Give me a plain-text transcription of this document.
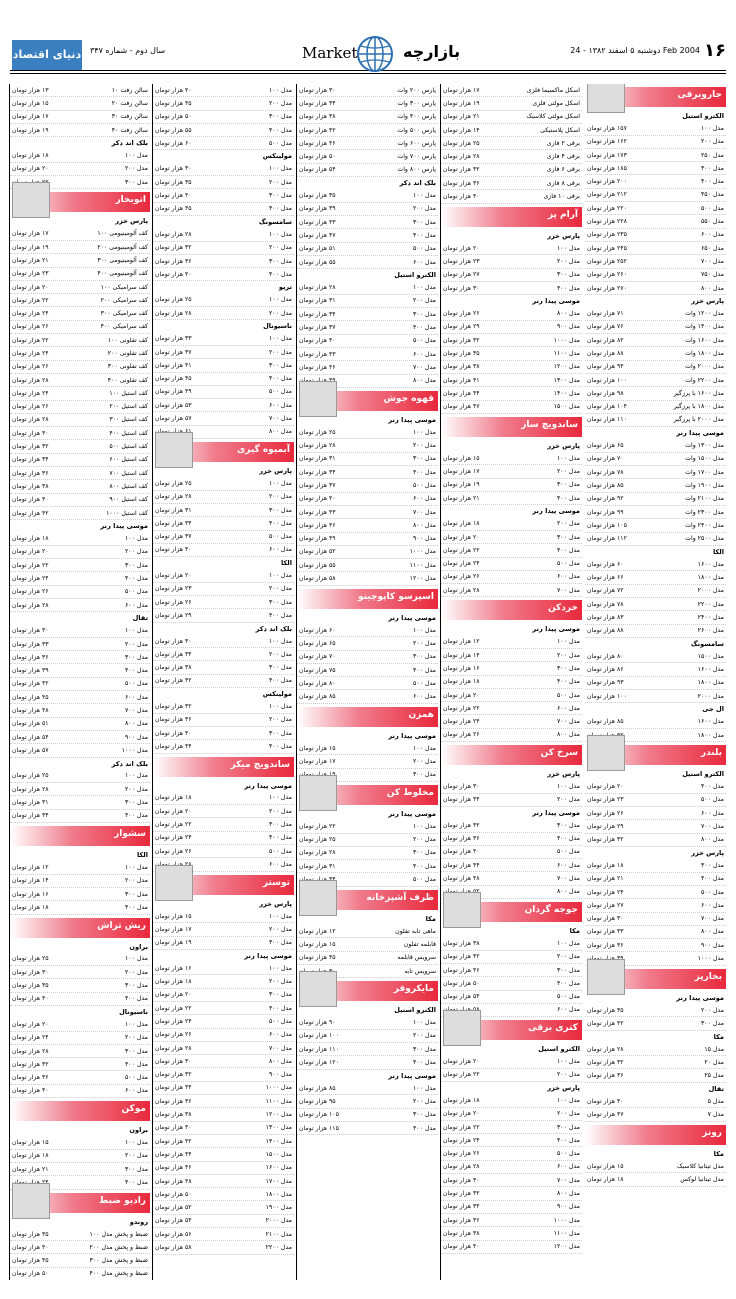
۱۶
دوشنبه ۵ اسفند ۱۳۸۲ - 24 Feb 2004
بازارچه
Market
سال دوم - شماره ۳۴۷
دنیای اقتصاد
جاروبرقی
الکترو استیل
مدل ۱۰۰
۱۵۷ هزار تومان
مدل ۲۰۰
۱۶۲ هزار تومان
مدل ۲۵۰
۱۷۳ هزار تومان
مدل ۳۰۰
۱۸۵ هزار تومان
مدل ۴۰۰
۲۰۰ هزار تومان
مدل ۴۵۰
۲۱۲ هزار تومان
مدل ۵۰۰
۲۲۰ هزار تومان
مدل ۵۵۰
۲۲۸ هزار تومان
مدل ۶۰۰
۲۳۵ هزار تومان
مدل ۶۵۰
۲۴۵ هزار تومان
مدل ۷۰۰
۲۵۲ هزار تومان
مدل ۷۵۰
۲۶۰ هزار تومان
مدل ۸۰۰
۲۷۰ هزار تومان
پارس خزر
مدل ۱۲۰۰ وات
۷۱ هزار تومان
مدل ۱۴۰۰ وات
۷۶ هزار تومان
مدل ۱۶۰۰ وات
۸۲ هزار تومان
مدل ۱۸۰۰ وات
۸۸ هزار تومان
مدل ۲۰۰۰ وات
۹۴ هزار تومان
مدل ۲۲۰۰ وات
۱۰۰ هزار تومان
مدل ۱۶۰۰ با پرزگیر
۹۸ هزار تومان
مدل ۱۸۰۰ با پرزگیر
۱۰۴ هزار تومان
مدل ۲۰۰۰ با پرزگیر
۱۱۰ هزار تومان
موسی پیدا رنر
مدل ۱۳۰۰ وات
۶۵ هزار تومان
مدل ۱۵۰۰ وات
۷۰ هزار تومان
مدل ۱۷۰۰ وات
۷۸ هزار تومان
مدل ۱۹۰۰ وات
۸۵ هزار تومان
مدل ۲۱۰۰ وات
۹۲ هزار تومان
مدل ۲۳۰۰ وات
۹۹ هزار تومان
مدل ۲۴۰۰ وات
۱۰۵ هزار تومان
مدل ۲۵۰۰ وات
۱۱۲ هزار تومان
الکا
مدل ۱۶۰۰
۶۰ هزار تومان
مدل ۱۸۰۰
۶۶ هزار تومان
مدل ۲۰۰۰
۷۲ هزار تومان
مدل ۲۲۰۰
۷۸ هزار تومان
مدل ۲۴۰۰
۸۳ هزار تومان
مدل ۲۶۰۰
۸۸ هزار تومان
سامسونگ
مدل ۱۵۰۰
۸۰ هزار تومان
مدل ۱۶۰۰
۸۶ هزار تومان
مدل ۱۸۰۰
۹۳ هزار تومان
مدل ۲۰۰۰
۱۰۰ هزار تومان
ال جی
مدل ۱۶۰۰
۸۵ هزار تومان
مدل ۱۸۰۰
بلندر
الکترو استیل
مدل ۴۰۰
۲۰ هزار تومان
مدل ۵۰۰
۲۳ هزار تومان
مدل ۶۰۰
۲۶ هزار تومان
مدل ۷۰۰
۲۹ هزار تومان
مدل ۸۰۰
۳۲ هزار تومان
پارس خزر
مدل ۳۰۰
۱۸ هزار تومان
مدل ۴۰۰
۲۱ هزار تومان
مدل ۵۰۰
۲۴ هزار تومان
مدل ۶۰۰
۲۷ هزار تومان
مدل ۷۰۰
۳۰ هزار تومان
مدل ۸۰۰
۳۳ هزار تومان
مدل ۹۰۰
۳۶ هزار تومان
مدل ۱۰۰۰
بخارپز
موسی پیدا رنر
مدل ۲۰۰
۳۵ هزار تومان
مدل ۳۰۰
۴۲ هزار تومان
مکا
مدل ۱۵
۲۸ هزار تومان
مدل ۲۰
۳۲ هزار تومان
مدل ۲۵
۳۶ هزار تومان
تفال
مدل ۵
۴۰ هزار تومان
مدل ۷
۴۷ هزار تومان
رونز
مکا
مدل تیتانیا کلاسیک
۱۵ هزار تومان
مدل تیتانیا لوکس
۱۸ هزار تومان
اسکل ماکسیما فلزی
۱۷ هزار تومان
اسکل مولتی فلزی
۱۹ هزار تومان
اسکل مولتی کلاسیک
۲۱ هزار تومان
اسکل پلاستیکی
۱۴ هزار تومان
برقی ۲ فازی
۲۵ هزار تومان
برقی ۴ فازی
۲۸ هزار تومان
برقی ۶ فازی
۳۲ هزار تومان
برقی ۸ فازی
۳۶ هزار تومان
برقی ۱۰ فازی
۴۰ هزار تومان
آرام پز
پارس خزر
مدل ۱۰۰
۲۰ هزار تومان
مدل ۲۰۰
۲۳ هزار تومان
مدل ۳۰۰
۲۷ هزار تومان
مدل ۴۰۰
۳۰ هزار تومان
موسی پیدا رنر
مدل ۸۰۰
۲۶ هزار تومان
مدل ۹۰۰
۲۹ هزار تومان
مدل ۱۰۰۰
۳۲ هزار تومان
مدل ۱۱۰۰
۳۵ هزار تومان
مدل ۱۲۰۰
۳۸ هزار تومان
مدل ۱۳۰۰
۴۱ هزار تومان
مدل ۱۴۰۰
۴۴ هزار تومان
مدل ۱۵۰۰
۴۷ هزار تومان
ساندویچ ساز
پارس خزر
مدل ۱۰۰
۱۵ هزار تومان
مدل ۲۰۰
۱۷ هزار تومان
مدل ۳۰۰
۱۹ هزار تومان
مدل ۴۰۰
۲۱ هزار تومان
موسی پیدا رنر
مدل ۲۰۰
۱۸ هزار تومان
مدل ۳۰۰
۲۰ هزار تومان
مدل ۴۰۰
۲۲ هزار تومان
مدل ۵۰۰
۲۴ هزار تومان
مدل ۶۰۰
۲۶ هزار تومان
مدل ۷۰۰
۲۸ هزار تومان
خردکن
موسی پیدا رنر
مدل ۱۰۰
۱۲ هزار تومان
مدل ۲۰۰
۱۴ هزار تومان
مدل ۳۰۰
۱۶ هزار تومان
مدل ۴۰۰
۱۸ هزار تومان
مدل ۵۰۰
۲۰ هزار تومان
مدل ۶۰۰
۲۲ هزار تومان
مدل ۷۰۰
۲۴ هزار تومان
مدل ۸۰۰
۲۶ هزار تومان
سرخ کن
پارس خزر
مدل ۱۰۰
۳۰ هزار تومان
مدل ۲۰۰
۳۴ هزار تومان
موسی پیدا رنر
مدل ۳۰۰
۳۲ هزار تومان
مدل ۴۰۰
۳۶ هزار تومان
مدل ۵۰۰
۴۰ هزار تومان
مدل ۶۰۰
۴۴ هزار تومان
مدل ۷۰۰
۴۸ هزار تومان
مدل ۸۰۰
جوجه گردان
مکا
مدل ۱۰۰
۳۸ هزار تومان
مدل ۲۰۰
۴۲ هزار تومان
مدل ۳۰۰
۴۶ هزار تومان
مدل ۴۰۰
۵۰ هزار تومان
مدل ۵۰۰
۵۴ هزار تومان
مدل ۶۰۰
کتری برقی
الکترو استیل
مدل ۱۰۰
۲۰ هزار تومان
مدل ۲۰۰
۲۲ هزار تومان
پارس خزر
مدل ۱۰۰
۱۸ هزار تومان
مدل ۲۰۰
۲۰ هزار تومان
مدل ۳۰۰
۲۲ هزار تومان
مدل ۴۰۰
۲۴ هزار تومان
مدل ۵۰۰
۲۶ هزار تومان
مدل ۶۰۰
۲۸ هزار تومان
مدل ۷۰۰
۳۰ هزار تومان
مدل ۸۰۰
۳۲ هزار تومان
مدل ۹۰۰
۳۴ هزار تومان
مدل ۱۰۰۰
۳۶ هزار تومان
مدل ۱۱۰۰
۳۸ هزار تومان
مدل ۱۲۰۰
۴۰ هزار تومان
پارس ۲۰۰ وات
۳۰ هزار تومان
پارس ۳۰۰ وات
۳۴ هزار تومان
پارس ۴۰۰ وات
۳۸ هزار تومان
پارس ۵۰۰ وات
۴۲ هزار تومان
پارس ۶۰۰ وات
۴۶ هزار تومان
پارس ۷۰۰ وات
۵۰ هزار تومان
پارس ۸۰۰ وات
۵۴ هزار تومان
بلک اند دکر
مدل ۱۰۰
۳۵ هزار تومان
مدل ۲۰۰
۳۹ هزار تومان
مدل ۳۰۰
۴۳ هزار تومان
مدل ۴۰۰
۴۷ هزار تومان
مدل ۵۰۰
۵۱ هزار تومان
مدل ۶۰۰
۵۵ هزار تومان
الکترو استیل
مدل ۱۰۰
۲۸ هزار تومان
مدل ۲۰۰
۳۱ هزار تومان
مدل ۳۰۰
۳۴ هزار تومان
مدل ۴۰۰
۳۷ هزار تومان
مدل ۵۰۰
۴۰ هزار تومان
مدل ۶۰۰
۴۳ هزار تومان
مدل ۷۰۰
۴۶ هزار تومان
مدل ۸۰۰
قهوه جوش
موسی پیدا رنر
مدل ۱۰۰
۲۵ هزار تومان
مدل ۲۰۰
۲۸ هزار تومان
مدل ۳۰۰
۳۱ هزار تومان
مدل ۴۰۰
۳۴ هزار تومان
مدل ۵۰۰
۳۷ هزار تومان
مدل ۶۰۰
۴۰ هزار تومان
مدل ۷۰۰
۴۳ هزار تومان
مدل ۸۰۰
۴۶ هزار تومان
مدل ۹۰۰
۴۹ هزار تومان
مدل ۱۰۰۰
۵۲ هزار تومان
مدل ۱۱۰۰
۵۵ هزار تومان
مدل ۱۲۰۰
۵۸ هزار تومان
اسپرسو کاپوچینو
موسی پیدا رنر
مدل ۱۰۰
۶۰ هزار تومان
مدل ۲۰۰
۶۵ هزار تومان
مدل ۳۰۰
۷۰ هزار تومان
مدل ۴۰۰
۷۵ هزار تومان
مدل ۵۰۰
۸۰ هزار تومان
مدل ۶۰۰
۸۵ هزار تومان
همزن
موسی پیدا رنر
مدل ۱۰۰
۱۵ هزار تومان
مدل ۲۰۰
۱۷ هزار تومان
مدل ۳۰۰
مخلوط کن
موسی پیدا رنر
مدل ۱۰۰
۲۲ هزار تومان
مدل ۲۰۰
۲۵ هزار تومان
مدل ۳۰۰
۲۸ هزار تومان
مدل ۴۰۰
۳۱ هزار تومان
مدل ۵۰۰
ظرف آشپزخانه
مکا
ماهی تابه تفلون
۱۲ هزار تومان
قابلمه تفلون
۱۵ هزار تومان
سرویس قابلمه
۴۵ هزار تومان
سرویس تابه
مایکروفر
الکترو استیل
مدل ۱۰۰
۹۰ هزار تومان
مدل ۲۰۰
۱۰۰ هزار تومان
مدل ۳۰۰
۱۱۰ هزار تومان
مدل ۴۰۰
۱۲۰ هزار تومان
موسی پیدا رنر
مدل ۱۰۰
۸۵ هزار تومان
مدل ۲۰۰
۹۵ هزار تومان
مدل ۳۰۰
۱۰۵ هزار تومان
مدل ۴۰۰
۱۱۵ هزار تومان
مدل ۱۰۰
۴۰ هزار تومان
مدل ۲۰۰
۴۵ هزار تومان
مدل ۳۰۰
۵۰ هزار تومان
مدل ۴۰۰
۵۵ هزار تومان
مدل ۵۰۰
۶۰ هزار تومان
مولینکس
مدل ۱۰۰
۳۰ هزار تومان
مدل ۲۰۰
۳۵ هزار تومان
مدل ۳۰۰
۴۰ هزار تومان
مدل ۴۰۰
۴۵ هزار تومان
سامسونگ
مدل ۱۰۰
۲۸ هزار تومان
مدل ۲۰۰
۳۲ هزار تومان
مدل ۳۰۰
۳۶ هزار تومان
مدل ۴۰۰
۴۰ هزار تومان
تریو
مدل ۱۰۰
۲۵ هزار تومان
مدل ۲۰۰
۲۸ هزار تومان
ناسیونال
مدل ۱۰۰
۳۳ هزار تومان
مدل ۲۰۰
۳۷ هزار تومان
مدل ۳۰۰
۴۱ هزار تومان
مدل ۴۰۰
۴۵ هزار تومان
مدل ۵۰۰
۴۹ هزار تومان
مدل ۶۰۰
۵۳ هزار تومان
مدل ۷۰۰
۵۷ هزار تومان
مدل ۸۰۰
آبمیوه گیری
پارس خزر
مدل ۱۰۰
۲۵ هزار تومان
مدل ۲۰۰
۲۸ هزار تومان
مدل ۳۰۰
۳۱ هزار تومان
مدل ۴۰۰
۳۴ هزار تومان
مدل ۵۰۰
۳۷ هزار تومان
مدل ۶۰۰
۴۰ هزار تومان
الکا
مدل ۱۰۰
۲۰ هزار تومان
مدل ۲۰۰
۲۳ هزار تومان
مدل ۳۰۰
۲۶ هزار تومان
مدل ۴۰۰
۲۹ هزار تومان
بلک اند دکر
مدل ۱۰۰
۳۰ هزار تومان
مدل ۲۰۰
۳۴ هزار تومان
مدل ۳۰۰
۳۸ هزار تومان
مدل ۴۰۰
۴۲ هزار تومان
مولینکس
مدل ۱۰۰
۳۲ هزار تومان
مدل ۲۰۰
۳۶ هزار تومان
مدل ۳۰۰
۴۰ هزار تومان
مدل ۴۰۰
۴۴ هزار تومان
ساندویچ میکر
موسی پیدا رنر
مدل ۱۰۰
۱۸ هزار تومان
مدل ۲۰۰
۲۰ هزار تومان
مدل ۳۰۰
۲۲ هزار تومان
مدل ۴۰۰
۲۴ هزار تومان
مدل ۵۰۰
۲۶ هزار تومان
مدل ۶۰۰
توستر
پارس خزر
مدل ۱۰۰
۱۵ هزار تومان
مدل ۲۰۰
۱۷ هزار تومان
مدل ۳۰۰
۱۹ هزار تومان
موسی پیدا رنر
مدل ۱۰۰
۱۶ هزار تومان
مدل ۲۰۰
۱۸ هزار تومان
مدل ۳۰۰
۲۰ هزار تومان
مدل ۴۰۰
۲۲ هزار تومان
مدل ۵۰۰
۲۴ هزار تومان
مدل ۶۰۰
۲۶ هزار تومان
مدل ۷۰۰
۲۸ هزار تومان
مدل ۸۰۰
۳۰ هزار تومان
مدل ۹۰۰
۳۲ هزار تومان
مدل ۱۰۰۰
۳۴ هزار تومان
مدل ۱۱۰۰
۳۶ هزار تومان
مدل ۱۲۰۰
۳۸ هزار تومان
مدل ۱۳۰۰
۴۰ هزار تومان
مدل ۱۴۰۰
۴۲ هزار تومان
مدل ۱۵۰۰
۴۴ هزار تومان
مدل ۱۶۰۰
۴۶ هزار تومان
مدل ۱۷۰۰
۴۸ هزار تومان
مدل ۱۸۰۰
۵۰ هزار تومان
مدل ۱۹۰۰
۵۲ هزار تومان
مدل ۲۰۰۰
۵۴ هزار تومان
مدل ۲۱۰۰
۵۶ هزار تومان
مدل ۲۲۰۰
۵۸ هزار تومان
سالن رفت ۱۰
۱۳ هزار تومان
سالن رفت ۲۰
۱۵ هزار تومان
سالن رفت ۳۰
۱۷ هزار تومان
سالن رفت ۴۰
۱۹ هزار تومان
بلک اند دکر
مدل ۱۰۰
۱۸ هزار تومان
مدل ۲۰۰
۲۰ هزار تومان
مدل ۳۰۰
اتوبخار
پارس خزر
کف آلومینیومی ۱۰۰
۱۷ هزار تومان
کف آلومینیومی ۲۰۰
۱۹ هزار تومان
کف آلومینیومی ۳۰۰
۲۱ هزار تومان
کف آلومینیومی ۴۰۰
۲۳ هزار تومان
کف سرامیکی ۱۰۰
۲۰ هزار تومان
کف سرامیکی ۲۰۰
۲۲ هزار تومان
کف سرامیکی ۳۰۰
۲۴ هزار تومان
کف سرامیکی ۴۰۰
۲۶ هزار تومان
کف تفلونی ۱۰۰
۲۲ هزار تومان
کف تفلونی ۲۰۰
۲۴ هزار تومان
کف تفلونی ۳۰۰
۲۶ هزار تومان
کف تفلونی ۴۰۰
۲۸ هزار تومان
کف استیل ۱۰۰
۲۴ هزار تومان
کف استیل ۲۰۰
۲۶ هزار تومان
کف استیل ۳۰۰
۲۸ هزار تومان
کف استیل ۴۰۰
۳۰ هزار تومان
کف استیل ۵۰۰
۳۲ هزار تومان
کف استیل ۶۰۰
۳۴ هزار تومان
کف استیل ۷۰۰
۳۶ هزار تومان
کف استیل ۸۰۰
۳۸ هزار تومان
کف استیل ۹۰۰
۴۰ هزار تومان
کف استیل ۱۰۰۰
۴۲ هزار تومان
موسی پیدا رنر
مدل ۱۰۰
۱۸ هزار تومان
مدل ۲۰۰
۲۰ هزار تومان
مدل ۳۰۰
۲۲ هزار تومان
مدل ۴۰۰
۲۴ هزار تومان
مدل ۵۰۰
۲۶ هزار تومان
مدل ۶۰۰
۲۸ هزار تومان
تفال
مدل ۱۰۰
۳۰ هزار تومان
مدل ۲۰۰
۳۳ هزار تومان
مدل ۳۰۰
۳۶ هزار تومان
مدل ۴۰۰
۳۹ هزار تومان
مدل ۵۰۰
۴۲ هزار تومان
مدل ۶۰۰
۴۵ هزار تومان
مدل ۷۰۰
۴۸ هزار تومان
مدل ۸۰۰
۵۱ هزار تومان
مدل ۹۰۰
۵۴ هزار تومان
مدل ۱۰۰۰
۵۷ هزار تومان
بلک اند دکر
مدل ۱۰۰
۲۵ هزار تومان
مدل ۲۰۰
۲۸ هزار تومان
مدل ۳۰۰
۳۱ هزار تومان
مدل ۴۰۰
۳۴ هزار تومان
سشوار
الکا
مدل ۱۰۰
۱۲ هزار تومان
مدل ۲۰۰
۱۴ هزار تومان
مدل ۳۰۰
۱۶ هزار تومان
مدل ۴۰۰
۱۸ هزار تومان
ریش تراش
براون
مدل ۱۰۰
۲۵ هزار تومان
مدل ۲۰۰
۳۰ هزار تومان
مدل ۳۰۰
۳۵ هزار تومان
مدل ۴۰۰
۴۰ هزار تومان
ناسیونال
مدل ۱۰۰
۲۰ هزار تومان
مدل ۲۰۰
۲۴ هزار تومان
مدل ۳۰۰
۲۸ هزار تومان
مدل ۴۰۰
۳۲ هزار تومان
مدل ۵۰۰
۳۶ هزار تومان
مدل ۶۰۰
۴۰ هزار تومان
موکن
براون
مدل ۱۰۰
۱۵ هزار تومان
مدل ۲۰۰
۱۸ هزار تومان
مدل ۳۰۰
۲۱ هزار تومان
مدل ۴۰۰
رادیو ضبط
روندو
ضبط و پخش مدل ۱۰۰
۳۵ هزار تومان
ضبط و پخش مدل ۲۰۰
۴۰ هزار تومان
ضبط و پخش مدل ۳۰۰
۴۵ هزار تومان
ضبط و پخش مدل ۴۰۰
۵۰ هزار تومان
